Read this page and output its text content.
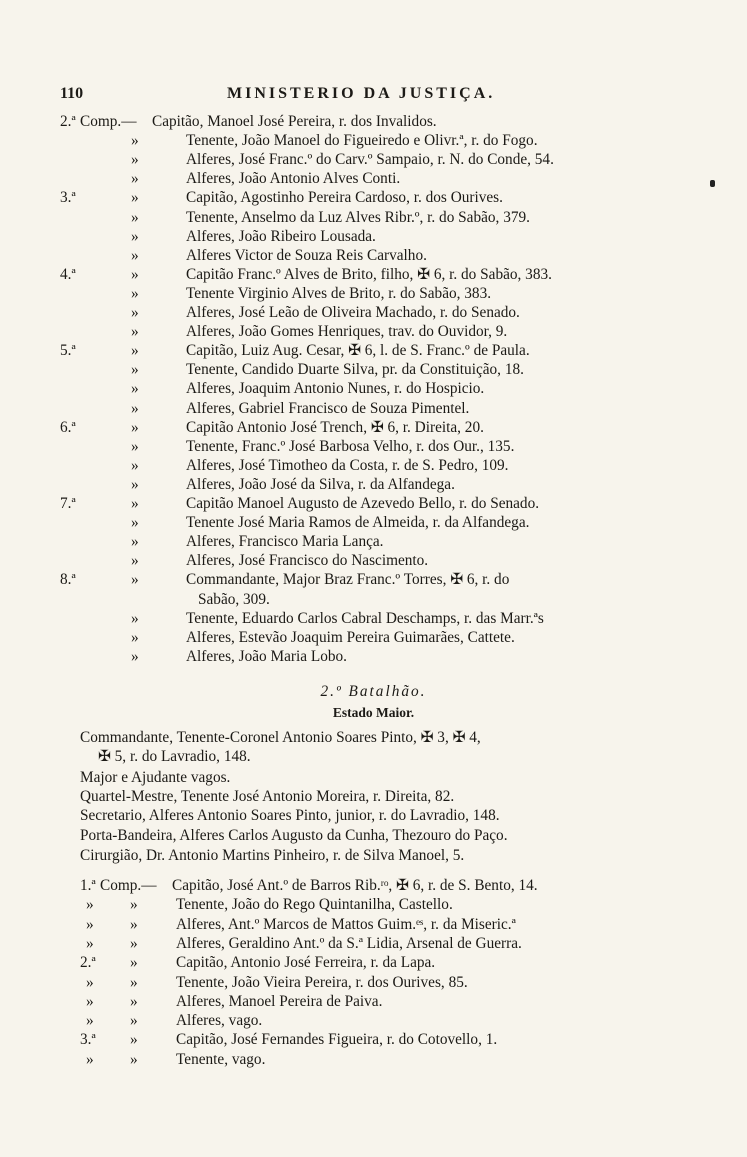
110	MINISTERIO DA JUSTIÇA.
2.ª Comp.— Capitão, Manoel José Pereira, r. dos Invalidos.
»	Tenente, João Manoel do Figueiredo e Olivr.ª, r. do Fogo.
»	Alferes, José Franc.º do Carv.º Sampaio, r. N. do Conde, 54.
»	Alferes, João Antonio Alves Conti.
3.ª	»	Capitão, Agostinho Pereira Cardoso, r. dos Ourives.
»	Tenente, Anselmo da Luz Alves Ribr.º, r. do Sabão, 379.
»	Alferes, João Ribeiro Lousada.
»	Alferes Victor de Souza Reis Carvalho.
4.ª	»	Capitão Franc.º Alves de Brito, filho, ✠ 6, r. do Sabão, 383.
»	Tenente Virginio Alves de Brito, r. do Sabão, 383.
»	Alferes, José Leão de Oliveira Machado, r. do Senado.
»	Alferes, João Gomes Henriques, trav. do Ouvidor, 9.
5.ª	»	Capitão, Luiz Aug. Cesar, ✠ 6, l. de S. Franc.º de Paula.
»	Tenente, Candido Duarte Silva, pr. da Constituição, 18.
»	Alferes, Joaquim Antonio Nunes, r. do Hospicio.
»	Alferes, Gabriel Francisco de Souza Pimentel.
6.ª	»	Capitão Antonio José Trench, ✠ 6, r. Direita, 20.
»	Tenente, Franc.º José Barbosa Velho, r. dos Our., 135.
»	Alferes, José Timotheo da Costa, r. de S. Pedro, 109.
»	Alferes, João José da Silva, r. da Alfandega.
7.ª	»	Capitão Manoel Augusto de Azevedo Bello, r. do Senado.
»	Tenente José Maria Ramos de Almeida, r. da Alfandega.
»	Alferes, Francisco Maria Lança.
»	Alferes, José Francisco do Nascimento.
8.ª	»	Commandante, Major Braz Franc.º Torres, ✠ 6, r. do
Sabão, 309.
»	Tenente, Eduardo Carlos Cabral Deschamps, r. das Marr.ªs
»	Alferes, Estevão Joaquim Pereira Guimarães, Cattete.
»	Alferes, João Maria Lobo.
2.º Batalhão.
Estado Maior.
Commandante, Tenente-Coronel Antonio Soares Pinto, ✠ 3, ✠ 4,
✠ 5, r. do Lavradio, 148.
Major e Ajudante vagos.
Quartel-Mestre, Tenente José Antonio Moreira, r. Direita, 82.
Secretario, Alferes Antonio Soares Pinto, junior, r. do Lavradio, 148.
Porta-Bandeira, Alferes Carlos Augusto da Cunha, Thezouro do Paço.
Cirurgião, Dr. Antonio Martins Pinheiro, r. de Silva Manoel, 5.
1.ª Comp.— Capitão, José Ant.º de Barros Rib.ʳᵒ, ✠ 6, r. de S. Bento, 14.
» »	Tenente, João do Rego Quintanilha, Castello.
» »	Alferes, Ant.º Marcos de Mattos Guim.ᵉˢ, r. da Miseric.ª
» »	Alferes, Geraldino Ant.º da S.ª Lidia, Arsenal de Guerra.
2.ª »	Capitão, Antonio José Ferreira, r. da Lapa.
» »	Tenente, João Vieira Pereira, r. dos Ourives, 85.
» »	Alferes, Manoel Pereira de Paiva.
» »	Alferes, vago.
3.ª »	Capitão, José Fernandes Figueira, r. do Cotovello, 1.
» »	Tenente, vago.
